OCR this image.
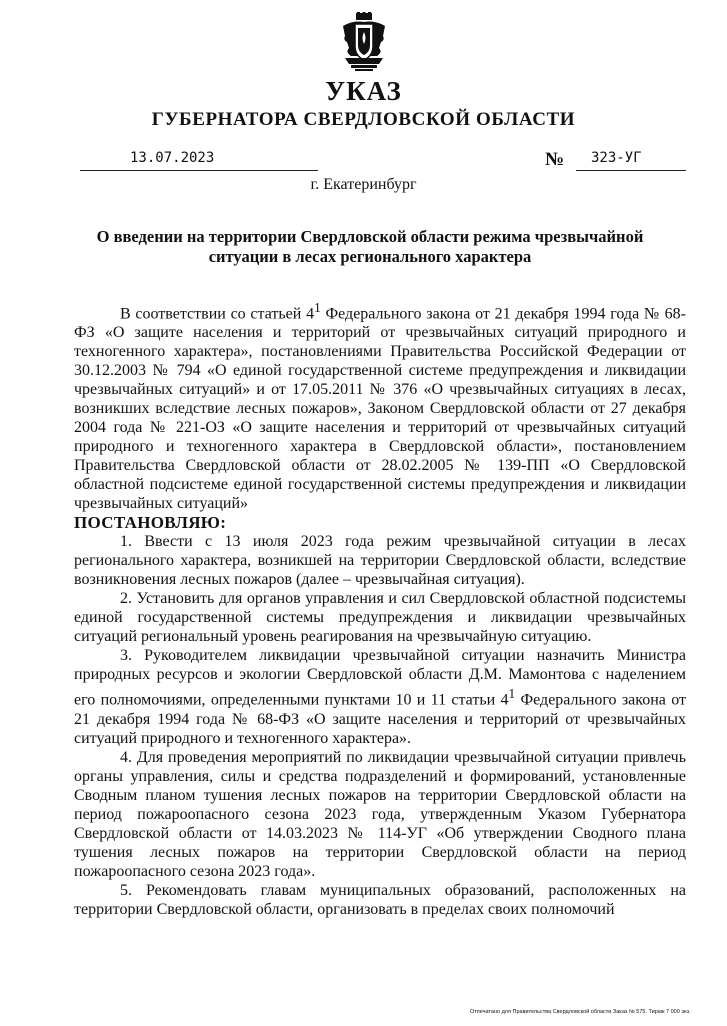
УКАЗ
ГУБЕРНАТОРА СВЕРДЛОВСКОЙ ОБЛАСТИ
13.07.2023	№ 323-УГ
г. Екатеринбург
О введении на территории Свердловской области режима чрезвычайной
ситуации в лесах регионального характера

В соответствии со статьей $4^1$ Федерального закона от 21 декабря 1994 года № 68-ФЗ «О защите населения и территорий от чрезвычайных ситуаций природного и техногенного характера», постановлениями Правительства Российской Федерации от 30.12.2003 № 794 «О единой государственной системе предупреждения и ликвидации чрезвычайных ситуаций» и от 17.05.2011 № 376 «О чрезвычайных ситуациях в лесах, возникших вследствие лесных пожаров», Законом Свердловской области от 27 декабря 2004 года № 221-ОЗ «О защите населения и территорий от чрезвычайных ситуаций природного и техногенного характера в Свердловской области», постановлением Правительства Свердловской области от 28.02.2005 № 139-ПП «О Свердловской областной подсистеме единой государственной системы предупреждения и ликвидации чрезвычайных ситуаций»

ПОСТАНОВЛЯЮ:

1. Ввести с 13 июля 2023 года режим чрезвычайной ситуации в лесах регионального характера, возникшей на территории Свердловской области, вследствие возникновения лесных пожаров (далее – чрезвычайная ситуация).

2. Установить для органов управления и сил Свердловской областной подсистемы единой государственной системы предупреждения и ликвидации чрезвычайных ситуаций региональный уровень реагирования на чрезвычайную ситуацию.

3. Руководителем ликвидации чрезвычайной ситуации назначить Министра природных ресурсов и экологии Свердловской области Д.М. Мамонтова с наделением его полномочиями, определенными пунктами 10 и 11 статьи $4^1$ Федерального закона от 21 декабря 1994 года № 68-ФЗ «О защите населения и территорий от чрезвычайных ситуаций природного и техногенного характера».

4. Для проведения мероприятий по ликвидации чрезвычайной ситуации привлечь органы управления, силы и средства подразделений и формирований, установленные Сводным планом тушения лесных пожаров на территории Свердловской области на период пожароопасного сезона 2023 года, утвержденным Указом Губернатора Свердловской области от 14.03.2023 № 114-УГ «Об утверждении Сводного плана тушения лесных пожаров на территории Свердловской области на период пожароопасного сезона 2023 года».

5. Рекомендовать главам муниципальных образований, расположенных на территории Свердловской области, организовать в пределах своих полномочий

Отпечатано для Правительства Свердловской области Заказ № 575. Тираж 7 000 экз.
